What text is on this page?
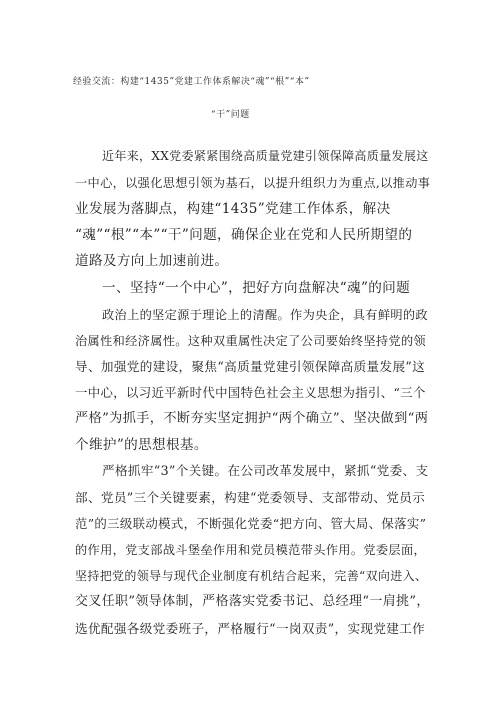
经验交流：构建“1435”党建工作体系解决“魂”“根”“本”
“干”问题
近年来，XX党委紧紧围绕高质量党建引领保障高质量发展这
一中心，以强化思想引领为基石，以提升组织力为重点,以推动事
业发展为落脚点，构建“1435”党建工作体系，解决
“魂”“根”“本”“干”问题，确保企业在党和人民所期望的
道路及方向上加速前进。
一、坚持“一个中心”，把好方向盘解决“魂”的问题
政治上的坚定源于理论上的清醒。作为央企，具有鲜明的政
治属性和经济属性。这种双重属性决定了公司要始终坚持党的领
导、加强党的建设，聚焦“高质量党建引领保障高质量发展”这
一中心，以习近平新时代中国特色社会主义思想为指引、“三个
严格”为抓手，不断夯实坚定拥护“两个确立”、坚决做到“两
个维护”的思想根基。
严格抓牢“3”个关键。在公司改革发展中，紧抓“党委、支
部、党员”三个关键要素，构建“党委领导、支部带动、党员示
范”的三级联动模式，不断强化党委“把方向、管大局、保落实”
的作用，党支部战斗堡垒作用和党员模范带头作用。党委层面，
坚持把党的领导与现代企业制度有机结合起来，完善“双向进入、
交叉任职”领导体制，严格落实党委书记、总经理“一肩挑”，
选优配强各级党委班子，严格履行“一岗双责”，实现党建工作
